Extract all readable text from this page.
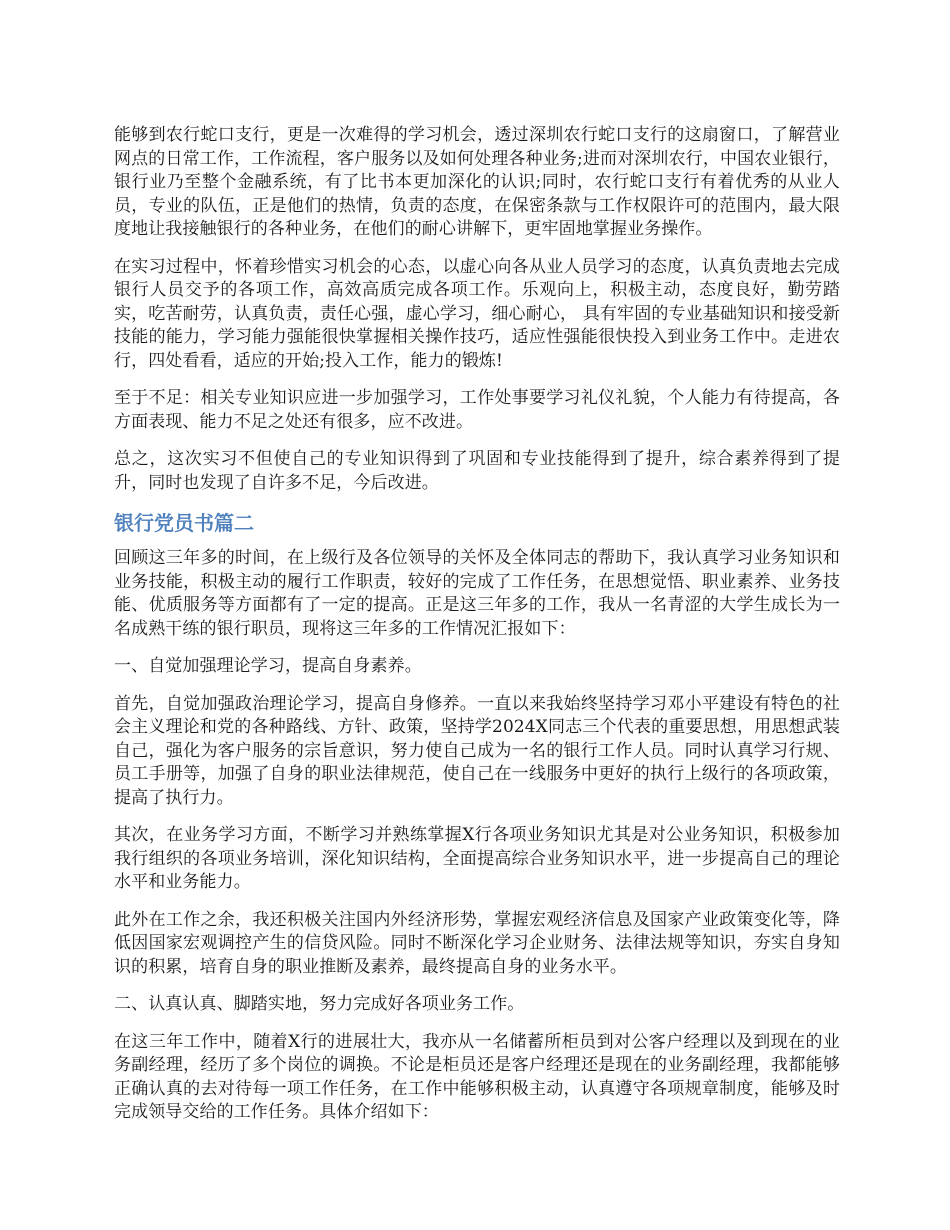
能够到农行蛇口支行，更是一次难得的学习机会，透过深圳农行蛇口支行的这扇窗口，了解营业网点的日常工作，工作流程，客户服务以及如何处理各种业务;进而对深圳农行，中国农业银行，银行业乃至整个金融系统，有了比书本更加深化的认识;同时，农行蛇口支行有着优秀的从业人员，专业的队伍，正是他们的热情，负责的态度，在保密条款与工作权限许可的范围内，最大限度地让我接触银行的各种业务，在他们的耐心讲解下，更牢固地掌握业务操作。

在实习过程中，怀着珍惜实习机会的心态，以虚心向各从业人员学习的态度，认真负责地去完成银行人员交予的各项工作，高效高质完成各项工作。乐观向上，积极主动，态度良好，勤劳踏实，吃苦耐劳，认真负责，责任心强，虚心学习，细心耐心， 具有牢固的专业基础知识和接受新技能的能力，学习能力强能很快掌握相关操作技巧，适应性强能很快投入到业务工作中。走进农行，四处看看，适应的开始;投入工作，能力的锻炼!

至于不足：相关专业知识应进一步加强学习，工作处事要学习礼仪礼貌，个人能力有待提高，各方面表现、能力不足之处还有很多，应不改进。

总之，这次实习不但使自己的专业知识得到了巩固和专业技能得到了提升，综合素养得到了提升，同时也发现了自许多不足，今后改进。

银行党员书篇二

回顾这三年多的时间，在上级行及各位领导的关怀及全体同志的帮助下，我认真学习业务知识和业务技能，积极主动的履行工作职责，较好的完成了工作任务，在思想觉悟、职业素养、业务技能、优质服务等方面都有了一定的提高。正是这三年多的工作，我从一名青涩的大学生成长为一名成熟干练的银行职员，现将这三年多的工作情况汇报如下：

一、自觉加强理论学习，提高自身素养。

首先，自觉加强政治理论学习，提高自身修养。一直以来我始终坚持学习邓小平建设有特色的社会主义理论和党的各种路线、方针、政策，坚持学2024X同志三个代表的重要思想，用思想武装自己，强化为客户服务的宗旨意识，努力使自己成为一名的银行工作人员。同时认真学习行规、员工手册等，加强了自身的职业法律规范，使自己在一线服务中更好的执行上级行的各项政策，提高了执行力。

其次，在业务学习方面，不断学习并熟练掌握X行各项业务知识尤其是对公业务知识，积极参加我行组织的各项业务培训，深化知识结构，全面提高综合业务知识水平，进一步提高自己的理论水平和业务能力。

此外在工作之余，我还积极关注国内外经济形势，掌握宏观经济信息及国家产业政策变化等，降低因国家宏观调控产生的信贷风险。同时不断深化学习企业财务、法律法规等知识，夯实自身知识的积累，培育自身的职业推断及素养，最终提高自身的业务水平。

二、认真认真、脚踏实地，努力完成好各项业务工作。

在这三年工作中，随着X行的进展壮大，我亦从一名储蓄所柜员到对公客户经理以及到现在的业务副经理，经历了多个岗位的调换。不论是柜员还是客户经理还是现在的业务副经理，我都能够正确认真的去对待每一项工作任务，在工作中能够积极主动，认真遵守各项规章制度，能够及时完成领导交给的工作任务。具体介绍如下：
